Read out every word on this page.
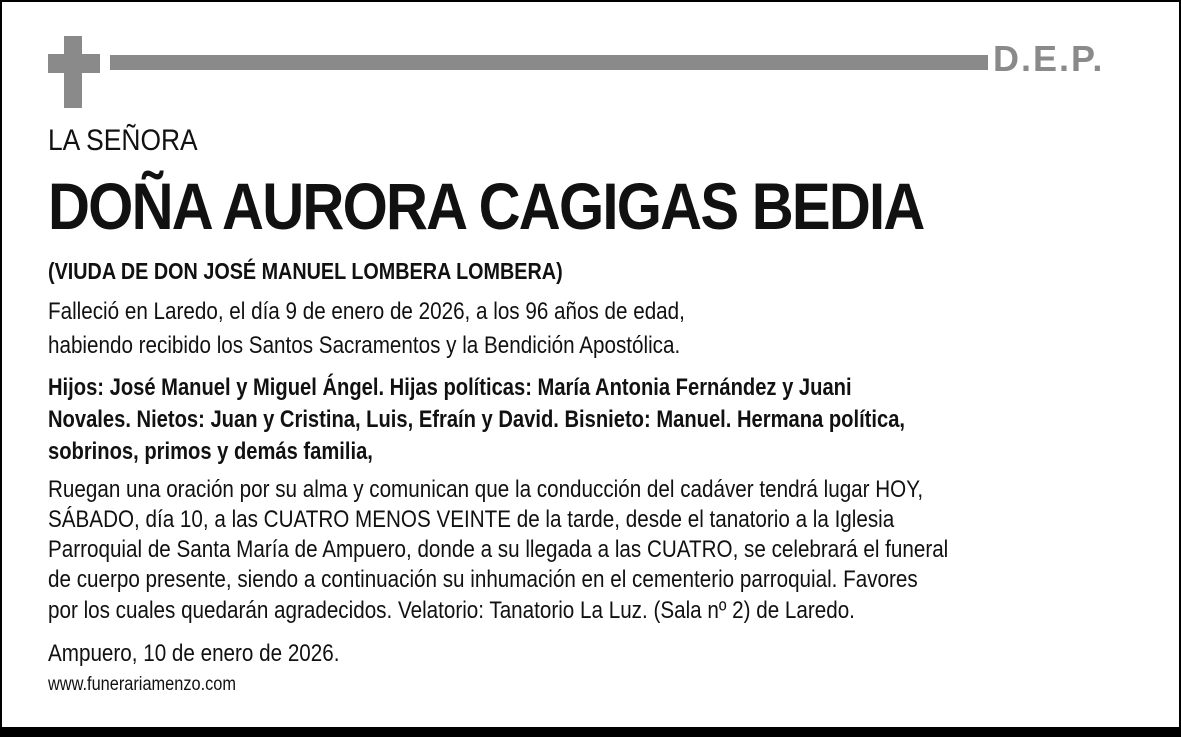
D.E.P.
LA SEÑORA
DOÑA AURORA CAGIGAS BEDIA
(VIUDA DE DON JOSÉ MANUEL LOMBERA LOMBERA)
Falleció en Laredo, el día 9 de enero de 2026, a los 96 años de edad,
habiendo recibido los Santos Sacramentos y la Bendición Apostólica.
Hijos: José Manuel y Miguel Ángel. Hijas políticas: María Antonia Fernández y Juani
Novales. Nietos: Juan y Cristina, Luis, Efraín y David. Bisnieto: Manuel. Hermana política,
sobrinos, primos y demás familia,
Ruegan una oración por su alma y comunican que la conducción del cadáver tendrá lugar HOY,
SÁBADO, día 10, a las CUATRO MENOS VEINTE de la tarde, desde el tanatorio a la Iglesia
Parroquial de Santa María de Ampuero, donde a su llegada a las CUATRO, se celebrará el funeral
de cuerpo presente, siendo a continuación su inhumación en el cementerio parroquial. Favores
por los cuales quedarán agradecidos. Velatorio: Tanatorio La Luz. (Sala nº 2) de Laredo.
Ampuero, 10 de enero de 2026.
www.funerariamenzo.com
